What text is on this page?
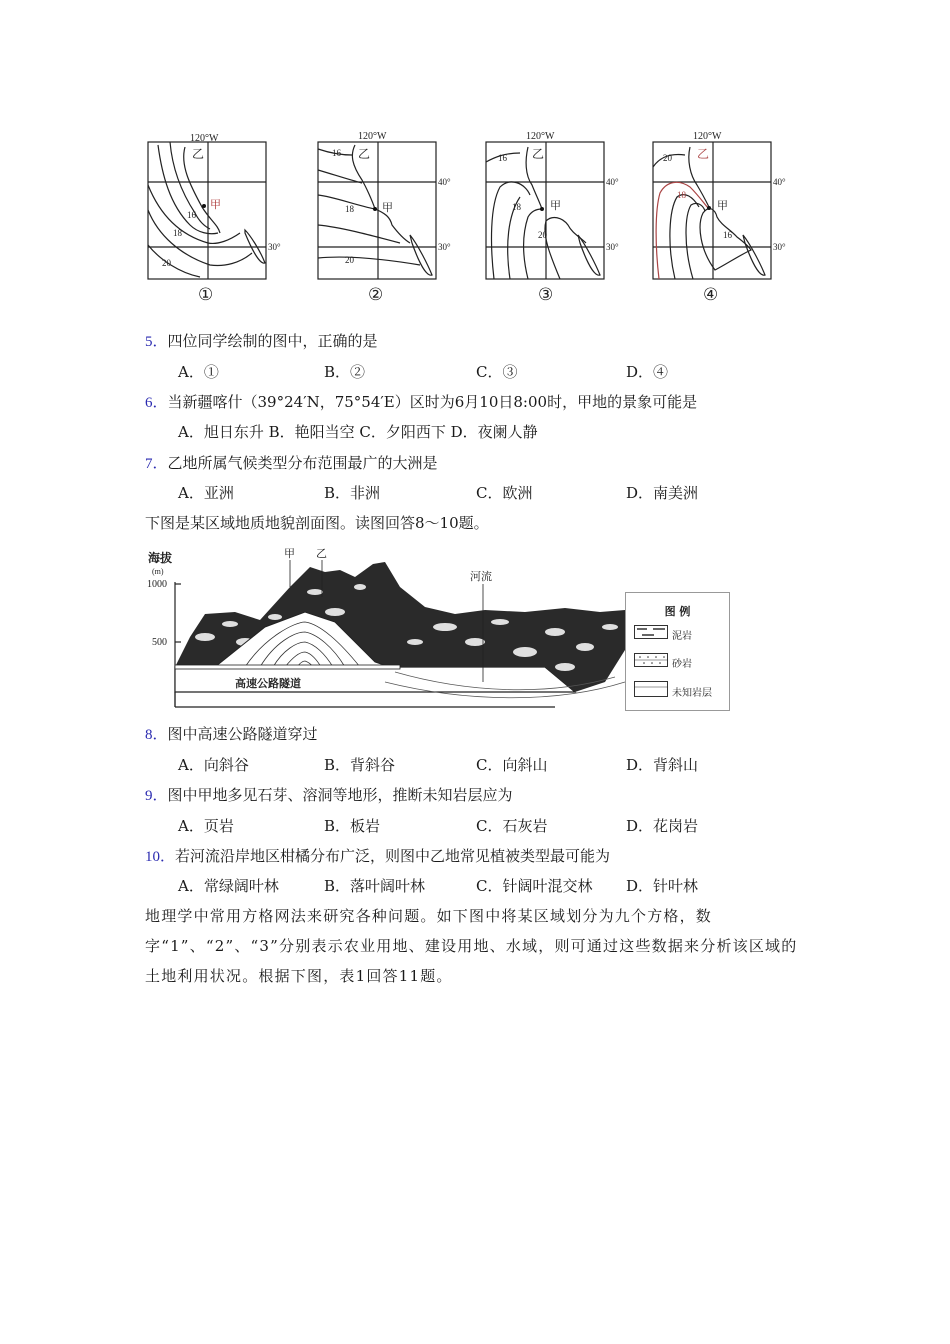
120°W
乙
甲
16
18
20
30°
①
120°W
乙
甲
16
18
20
40°
30°
②
120°W
乙
甲
16
18
20
40°
30°
③
120°W
乙
甲
20
18
16
40°
30°
④
5．四位同学绘制的图中，正确的是
A．①	B．②	C．③	D．④
6．当新疆喀什（39°24′N，75°54′E）区时为6月10日8:00时，甲地的景象可能是
A．旭日东升 B．艳阳当空 C．夕阳西下 D．夜阑人静
7．乙地所属气候类型分布范围最广的大洲是
A．亚洲	B．非洲	C．欧洲	D．南美洲
下图是某区域地质地貌剖面图。读图回答8～10题。
海拔
(m)
1000
500
甲 乙
河流
高速公路隧道
图 例
泥岩
砂岩
未知岩层
8．图中高速公路隧道穿过
A．向斜谷	B．背斜谷	C．向斜山	D．背斜山
9．图中甲地多见石芽、溶洞等地形，推断未知岩层应为
A．页岩	B．板岩	C．石灰岩	D．花岗岩
10．若河流沿岸地区柑橘分布广泛，则图中乙地常见植被类型最可能为
A．常绿阔叶林	B．落叶阔叶林	C．针阔叶混交林 D．针叶林
地理学中常用方格网法来研究各种问题。如下图中将某区域划分为九个方格，数字“1”、“2”、“3”分别表示农业用地、建设用地、水域，则可通过这些数据来分析该区域的土地利用状况。根据下图，表1回答11题。
